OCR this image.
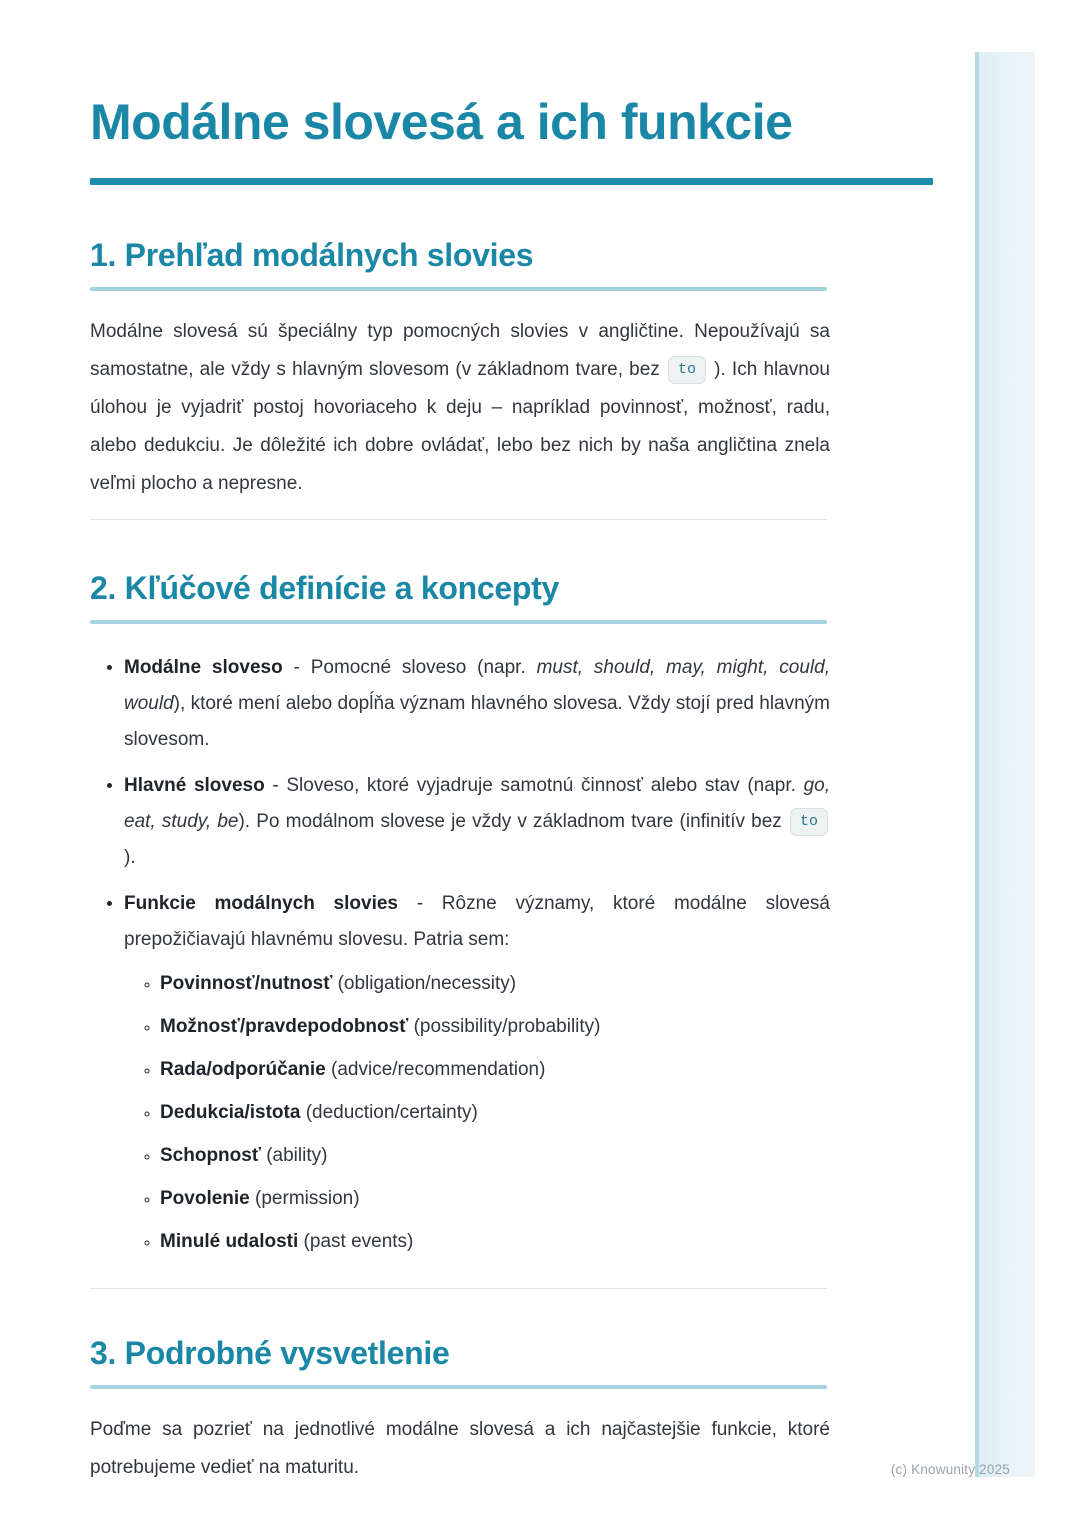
Modálne slovesá a ich funkcie
1. Prehľad modálnych slovies

Modálne slovesá sú špeciálny typ pomocných slovies v angličtine. Nepoužívajú sa samostatne, ale vždy s hlavným slovesom (v základnom tvare, bez to ). Ich hlavnou úlohou je vyjadriť postoj hovoriaceho k deju – napríklad povinnosť, možnosť, radu, alebo dedukciu. Je dôležité ich dobre ovládať, lebo bez nich by naša angličtina znela veľmi plocho a nepresne.

2. Kľúčové definície a koncepty
• Modálne sloveso - Pomocné sloveso (napr. must, should, may, might, could, would), ktoré mení alebo dopĺňa význam hlavného slovesa. Vždy stojí pred hlavným slovesom.
• Hlavné sloveso - Sloveso, ktoré vyjadruje samotnú činnosť alebo stav (napr. go, eat, study, be). Po modálnom slovese je vždy v základnom tvare (infinitív bez to ).
• Funkcie modálnych slovies - Rôzne významy, ktoré modálne slovesá prepožičiavajú hlavnému slovesu. Patria sem:
◦ Povinnosť/nutnosť (obligation/necessity)
◦ Možnosť/pravdepodobnosť (possibility/probability)
◦ Rada/odporúčanie (advice/recommendation)
◦ Dedukcia/istota (deduction/certainty)
◦ Schopnosť (ability)
◦ Povolenie (permission)
◦ Minulé udalosti (past events)
3. Podrobné vysvetlenie

Poďme sa pozrieť na jednotlivé modálne slovesá a ich najčastejšie funkcie, ktoré potrebujeme vedieť na maturitu.	(c) Knowunity 2025
